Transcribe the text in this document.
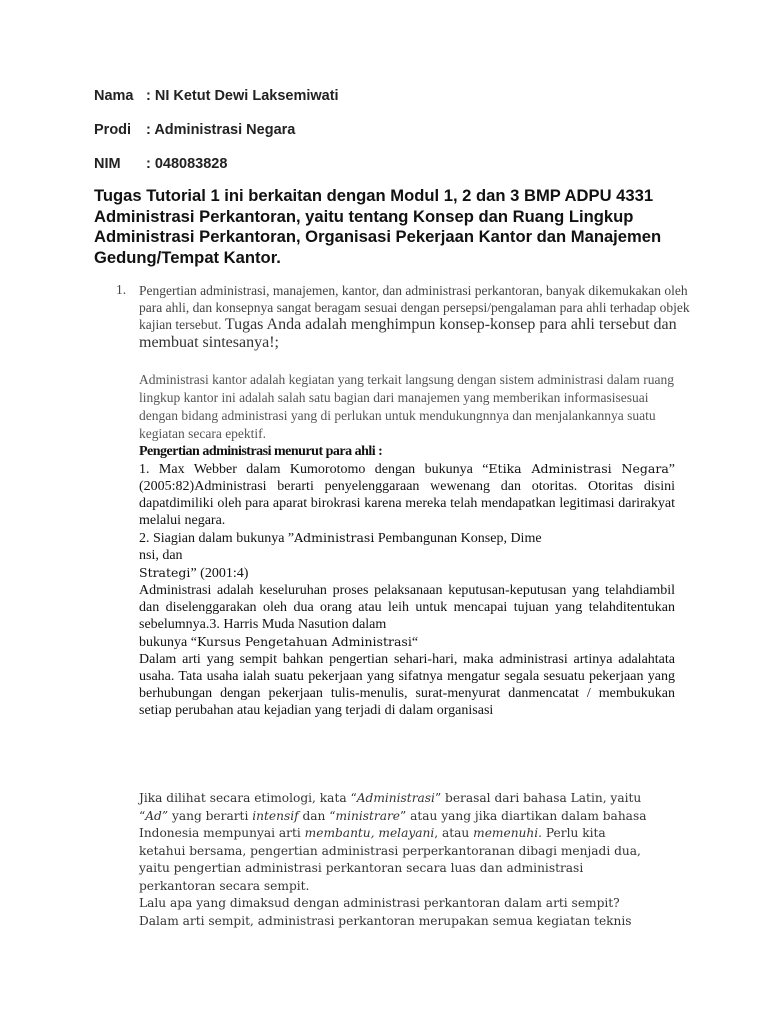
Nama : NI Ketut Dewi Laksemiwati
Prodi : Administrasi Negara
NIM : 048083828

Tugas Tutorial 1 ini berkaitan dengan Modul 1, 2 dan 3 BMP ADPU 4331 Administrasi Perkantoran, yaitu tentang Konsep dan Ruang Lingkup Administrasi Perkantoran, Organisasi Pekerjaan Kantor dan Manajemen Gedung/Tempat Kantor.

1. Pengertian administrasi, manajemen, kantor, dan administrasi perkantoran, banyak dikemukakan oleh para ahli, dan konsepnya sangat beragam sesuai dengan persepsi/pengalaman para ahli terhadap objek kajian tersebut. Tugas Anda adalah menghimpun konsep-konsep para ahli tersebut dan membuat sintesanya!;

Administrasi kantor adalah kegiatan yang terkait langsung dengan sistem administrasi dalam ruang lingkup kantor ini adalah salah satu bagian dari manajemen yang memberikan informasisesuai dengan bidang administrasi yang di perlukan untuk mendukungnnya dan menjalankannya suatu kegiatan secara epektif.

Pengertian administrasi menurut para ahli :
1. Max Webber dalam Kumorotomo dengan bukunya “Etika Administrasi Negara” (2005:82)Administrasi berarti penyelenggaraan wewenang dan otoritas. Otoritas disini dapatdimiliki oleh para aparat birokrasi karena mereka telah mendapatkan legitimasi darirakyat melalui negara.
2. Siagian dalam bukunya ”Administrasi Pembangunan Konsep, Dime
nsi, dan
Strategi” (2001:4)
Administrasi adalah keseluruhan proses pelaksanaan keputusan-keputusan yang telahdiambil dan diselenggarakan oleh dua orang atau leih untuk mencapai tujuan yang telahditentukan sebelumnya.3. Harris Muda Nasution dalam
bukunya “Kursus Pengetahuan Administrasi“
Dalam arti yang sempit bahkan pengertian sehari-hari, maka administrasi artinya adalahtata usaha. Tata usaha ialah suatu pekerjaan yang sifatnya mengatur segala sesuatu pekerjaan yang berhubungan dengan pekerjaan tulis-menulis, surat-menyurat danmencatat / membukukan setiap perubahan atau kejadian yang terjadi di dalam organisasi

Jika dilihat secara etimologi, kata “Administrasi” berasal dari bahasa Latin, yaitu
“Ad” yang berarti intensif dan “ministrare” atau yang jika diartikan dalam bahasa
Indonesia mempunyai arti membantu, melayani, atau memenuhi. Perlu kita
ketahui bersama, pengertian administrasi perperkantoranan dibagi menjadi dua,
yaitu pengertian administrasi perkantoran secara luas dan administrasi
perkantoran secara sempit.
Lalu apa yang dimaksud dengan administrasi perkantoran dalam arti sempit?
Dalam arti sempit, administrasi perkantoran merupakan semua kegiatan teknis
